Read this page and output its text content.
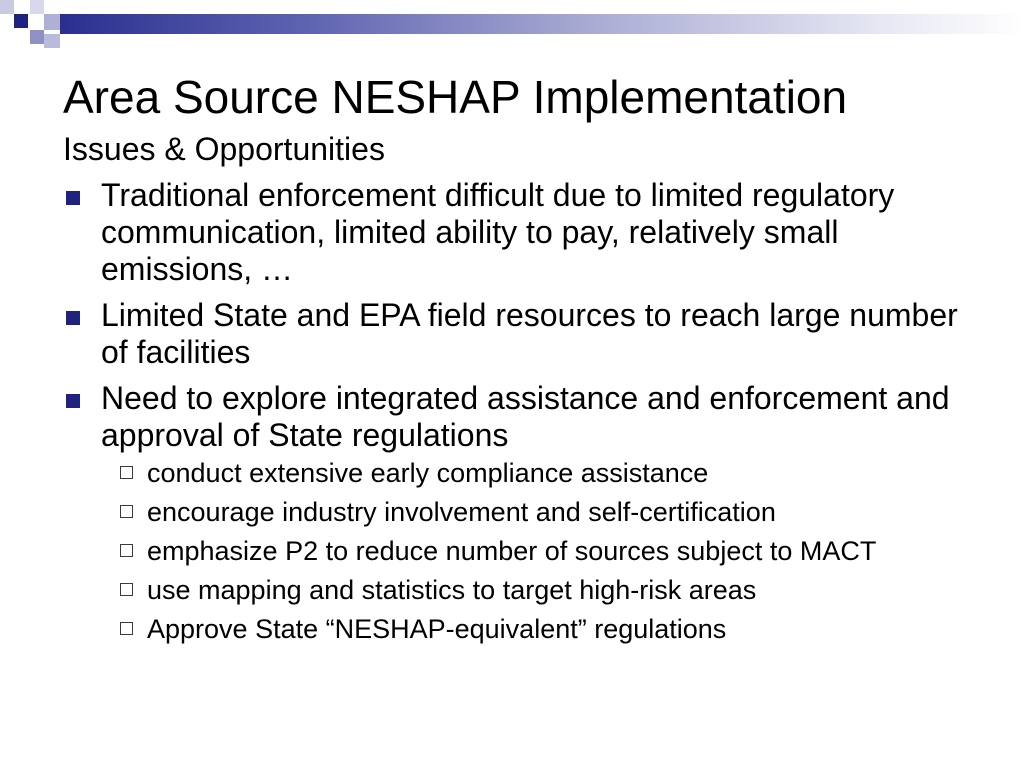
Area Source NESHAP Implementation
Issues & Opportunities
Traditional enforcement difficult due to limited regulatory communication, limited ability to pay, relatively small emissions, …
Limited State and EPA field resources to reach large number of facilities
Need to explore integrated assistance and enforcement and approval of State regulations
conduct extensive early compliance assistance
encourage industry involvement and self-certification
emphasize P2 to reduce number of sources subject to MACT
use mapping and statistics to target high-risk areas
Approve State “NESHAP-equivalent” regulations
